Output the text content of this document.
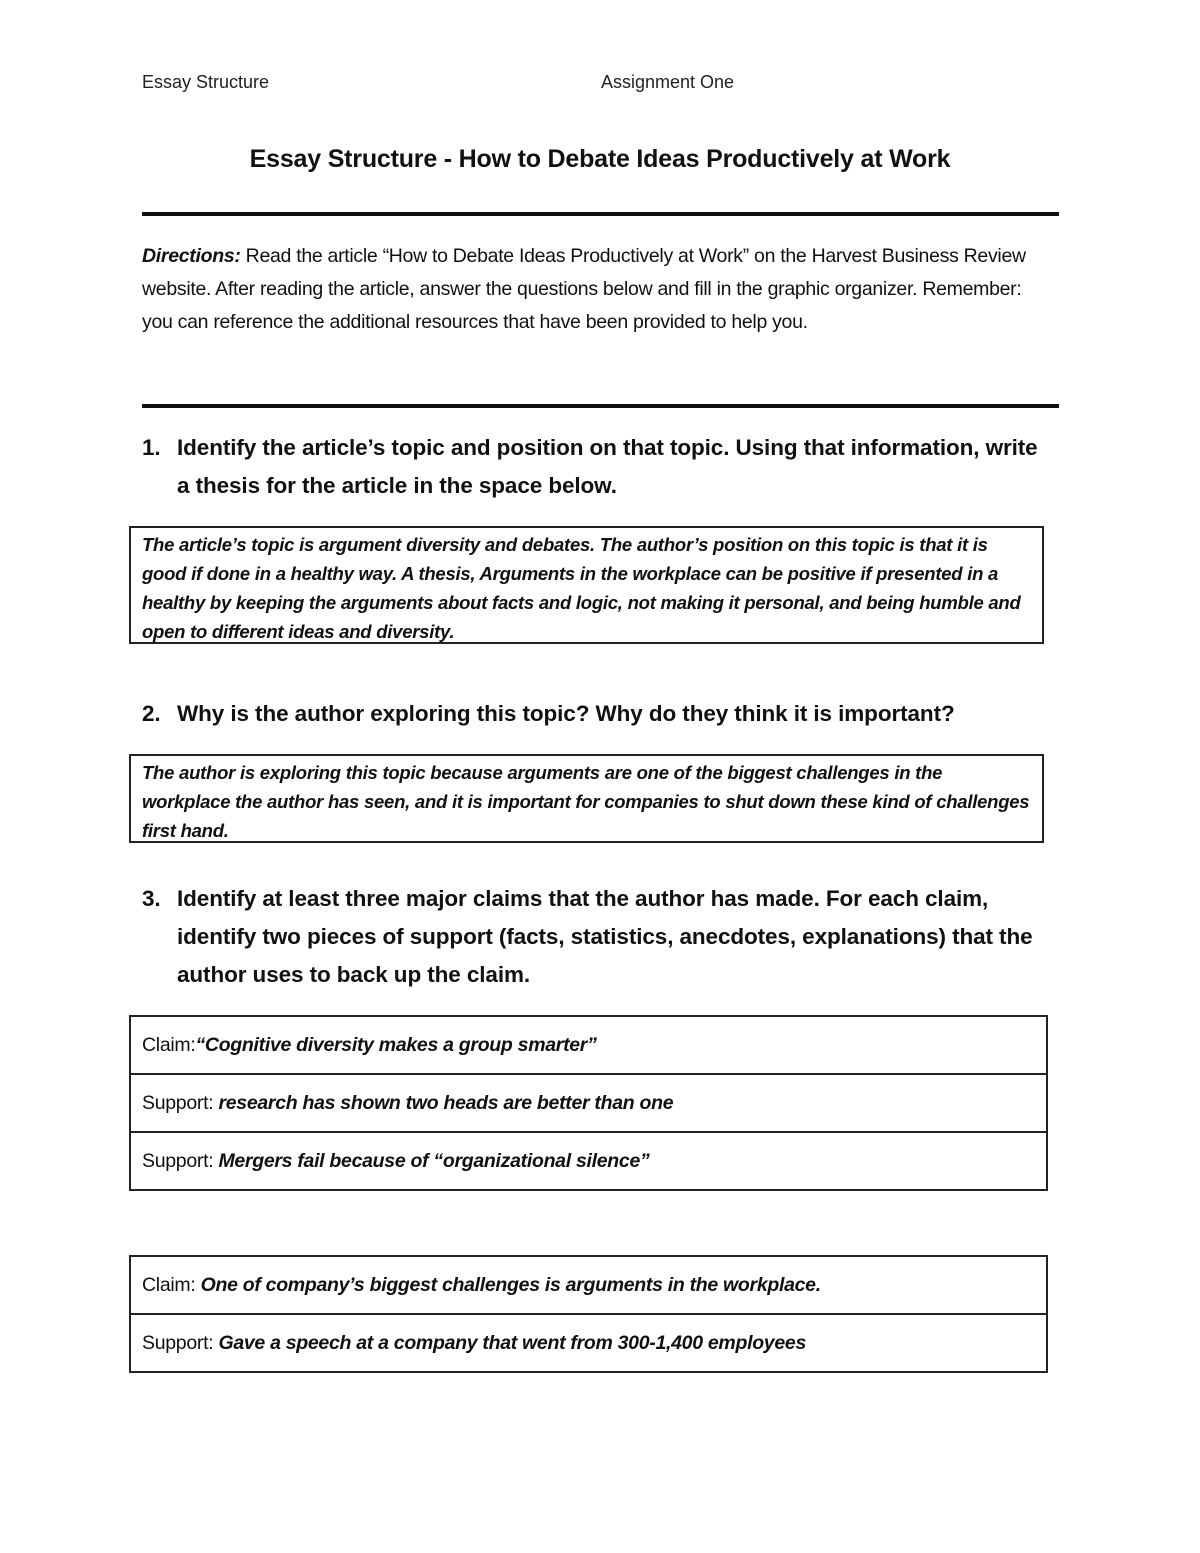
Essay Structure	Assignment One
Essay Structure - How to Debate Ideas Productively at Work
Directions: Read the article “How to Debate Ideas Productively at Work” on the Harvest Business Review website. After reading the article, answer the questions below and fill in the graphic organizer. Remember: you can reference the additional resources that have been provided to help you.
1. Identify the article’s topic and position on that topic. Using that information, write a thesis for the article in the space below.
The article’s topic is argument diversity and debates. The author’s position on this topic is that it is good if done in a healthy way. A thesis, Arguments in the workplace can be positive if presented in a healthy by keeping the arguments about facts and logic, not making it personal, and being humble and open to different ideas and diversity.
2. Why is the author exploring this topic? Why do they think it is important?
The author is exploring this topic because arguments are one of the biggest challenges in the workplace the author has seen, and it is important for companies to shut down these kind of challenges first hand.
3. Identify at least three major claims that the author has made. For each claim, identify two pieces of support (facts, statistics, anecdotes, explanations) that the author uses to back up the claim.
Claim:“Cognitive diversity makes a group smarter”
Support: research has shown two heads are better than one
Support: Mergers fail because of “organizational silence”
Claim: One of company’s biggest challenges is arguments in the workplace.
Support: Gave a speech at a company that went from 300-1,400 employees
